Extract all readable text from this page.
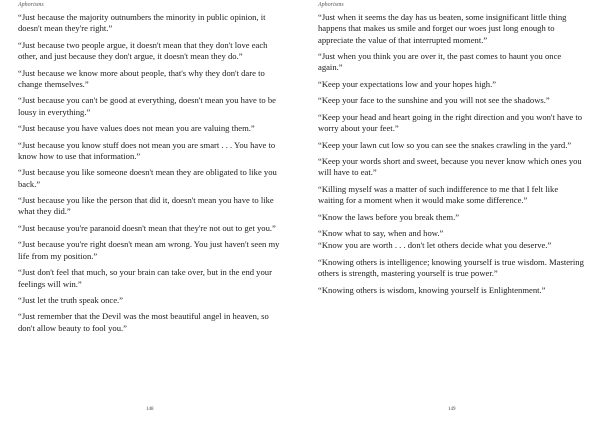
Aphorisms

“Just because the majority outnumbers the minority in public opinion, it doesn't mean they're right.”

“Just because two people argue, it doesn't mean that they don't love each other, and just because they don't argue, it doesn't mean they do.”

“Just because we know more about people, that's why they don't dare to change themselves.”

“Just because you can't be good at everything, doesn't mean you have to be lousy in everything.”

“Just because you have values does not mean you are valuing them.”

“Just because you know stuff does not mean you are smart . . . You have to know how to use that information.”

“Just because you like someone doesn't mean they are obligated to like you back.”

“Just because you like the person that did it, doesn't mean you have to like what they did.”

“Just because you're paranoid doesn't mean that they're not out to get you.”

“Just because you're right doesn't mean am wrong. You just haven't seen my life from my position.”

“Just don't feel that much, so your brain can take over, but in the end your feelings will win.”

“Just let the truth speak once.”

“Just remember that the Devil was the most beautiful angel in heaven, so don't allow beauty to fool you.”

148
Aphorisms

“Just when it seems the day has us beaten, some insignificant little thing happens that makes us smile and forget our woes just long enough to appreciate the value of that interrupted moment.”

“Just when you think you are over it, the past comes to haunt you once again.”

“Keep your expectations low and your hopes high.”

“Keep your face to the sunshine and you will not see the shadows.”

“Keep your head and heart going in the right direction and you won't have to worry about your feet.”

“Keep your lawn cut low so you can see the snakes crawling in the yard.”

“Keep your words short and sweet, because you never know which ones you will have to eat.”

“Killing myself was a matter of such indifference to me that I felt like waiting for a moment when it would make some difference.”

“Know the laws before you break them.”

“Know what to say, when and how.”

“Know you are worth . . . don't let others decide what you deserve.”

“Knowing others is intelligence; knowing yourself is true wisdom. Mastering others is strength, mastering yourself is true power.”

“Knowing others is wisdom, knowing yourself is Enlightenment.”

149
